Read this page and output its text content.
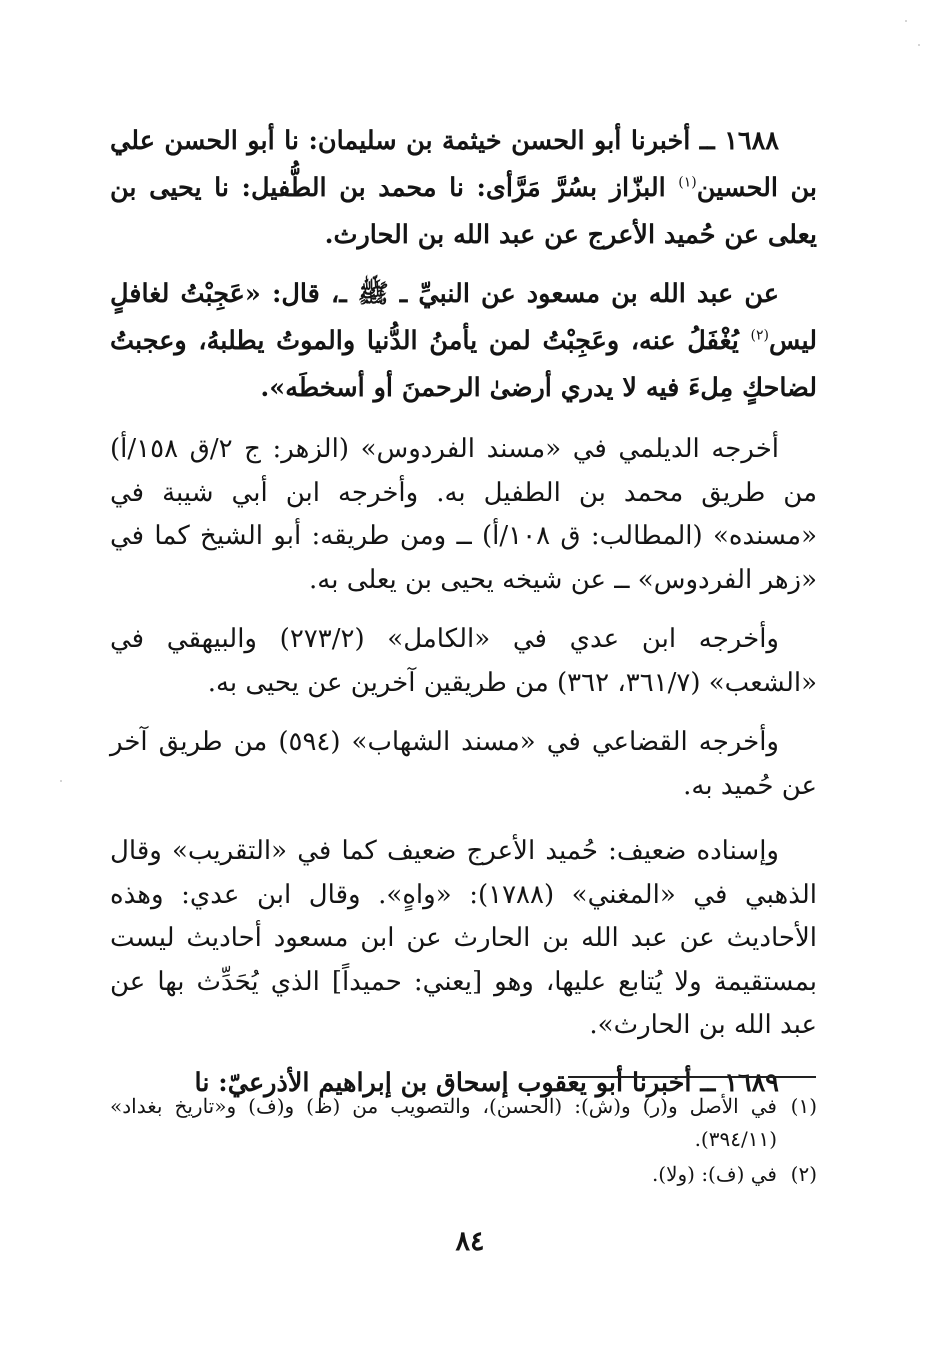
١٦٨٨ ــ أخبرنا أبو الحسن خيثمة بن سليمان: نا أبو الحسن علي بن الحسين$^{(١)}$ البزّاز بسُرَّ مَرَّأى: نا محمد بن الطُّفيل: نا يحيى بن يعلى عن حُميد الأعرج عن عبد الله بن الحارث.

عن عبد الله بن مسعود عن النبيِّ ـ ﷺ ـ، قال: «عَجِبْتُ لغافلٍ ليس$^{(٢)}$ يُغْفَلُ عنه، وعَجِبْتُ لمن يأمنُ الدُّنيا والموتُ يطلبهُ، وعجبتُ لضاحكٍ مِلءَ فيه لا يدري أرضىٰ الرحمنَ أو أسخطَه».

أخرجه الديلمي في «مسند الفردوس» (الزهر: ج ٢/ق ١٥٨/أ) من طريق محمد بن الطفيل به. وأخرجه ابن أبي شيبة في «مسنده» (المطالب: ق ١٠٨/أ) ــ ومن طريقه: أبو الشيخ كما في «زهر الفردوس» ــ عن شيخه يحيى بن يعلى به.

وأخرجه ابن عدي في «الكامل» (٢٧٣/٢) والبيهقي في «الشعب» (٣٦١/٧، ٣٦٢) من طريقين آخرين عن يحيى به.

وأخرجه القضاعي في «مسند الشهاب» (٥٩٤) من طريق آخر عن حُميد به.

وإسناده ضعيف: حُميد الأعرج ضعيف كما في «التقريب» وقال الذهبي في «المغني» (١٧٨٨): «واهٍ». وقال ابن عدي: وهذه الأحاديث عن عبد الله بن الحارث عن ابن مسعود أحاديث ليست بمستقيمة ولا يُتابع عليها، وهو [يعني: حميداً] الذي يُحَدِّث بها عن عبد الله بن الحارث».

١٦٨٩ ــ أخبرنا أبو يعقوب إسحاق بن إبراهيم الأذرعيّ: نا

(١)
في الأصل و(ر) و(ش): (الحسن)، والتصويب من (ظ) و(ف) و«تاريخ بغداد» (٣٩٤/١١).
(٢)
في (ف): (ولا).
٨٤
